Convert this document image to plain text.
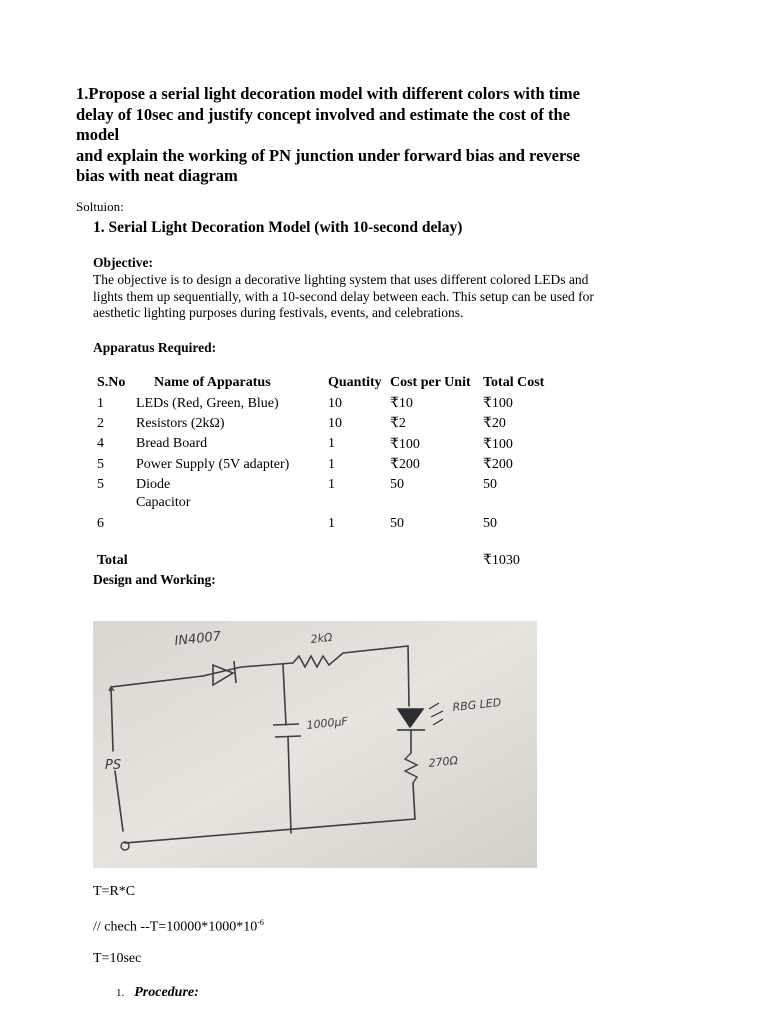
1.Propose a serial light decoration model with different colors with time
delay of 10sec and justify concept involved and estimate the cost of the
model
and explain the working of PN junction under forward bias and reverse
bias with neat diagram
Soltuion:
1. Serial Light Decoration Model (with 10-second delay)
Objective:
The objective is to design a decorative lighting system that uses different colored LEDs and
lights them up sequentially, with a 10-second delay between each. This setup can be used for
aesthetic lighting purposes during festivals, events, and celebrations.
Apparatus Required:
S.No	Name of Apparatus	Quantity	Cost per Unit	Total Cost
1	LEDs (Red, Green, Blue)	10	₹10	₹100
2	Resistors (2kΩ)	10	₹2	₹20
4	Bread Board	1	₹100	₹100
5	Power Supply (5V adapter)	1	₹200	₹200
5	Diode	1	50	50
6	Capacitor	1	50	50
Total				₹1030
Design and Working:
IN4007	2kΩ
1000µF
RBG LED
270Ω
PS
T=R*C
// chech $--T=10000*1000*10^{-6}$
T=10sec
1. Procedure:
